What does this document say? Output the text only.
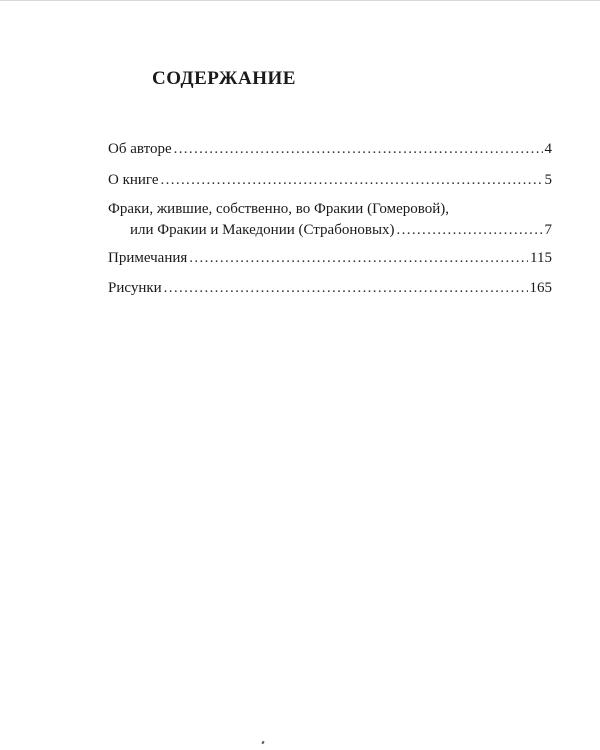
СОДЕРЖАНИЕ
Об авторе . . .	4
О книге . . .	5
Фраки, жившие, собственно, во Фракии (Гомеровой),
или Фракии и Македонии (Страбоновых) . . .	7
Примечания . . .	115
Рисунки . . .	165
